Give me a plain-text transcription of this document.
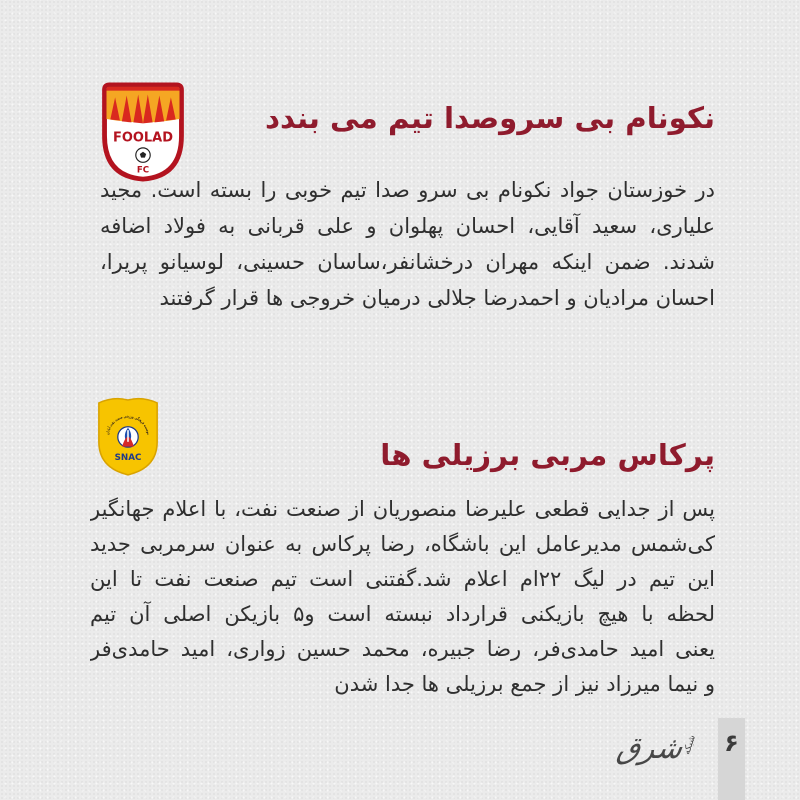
FOOLAD
FC
نکونام بی سروصدا تیم می بندد
در خوزستان جواد نکونام بی سرو صدا تیم خوبی را بسته است. مجید
علیاری، سعید آقایی، احسان پهلوان و علی قربانی به فولاد اضافه
شدند. ضمن اینکه مهران درخشانفر،ساسان حسینی، لوسیانو پریرا،
احسان مرادیان و احمدرضا جلالی درمیان خروجی ها قرار گرفتند
موسسه فرهنگی ورزشی صنعت نفت آبادان
SNAC	پرکاس مربی برزیلی ها
پس از جدایی قطعی علیرضا منصوریان از صنعت نفت، با اعلام جهانگیر
کی‌شمس مدیرعامل این باشگاه، رضا پرکاس به عنوان سرمربی جدید
این تیم در لیگ ۲۲ام اعلام شد.گفتنی است تیم صنعت نفت تا این
لحظه با هیچ بازیکنی قرارداد نبسته است و۵ بازیکن اصلی آن تیم
یعنی امید حامدی‌فر، رضا جبیره، محمد حسین زواری، امید حامدی‌فر
و نیما میرزاد نیز از جمع برزیلی ها جدا شدن
شرق
شبکه ۶
